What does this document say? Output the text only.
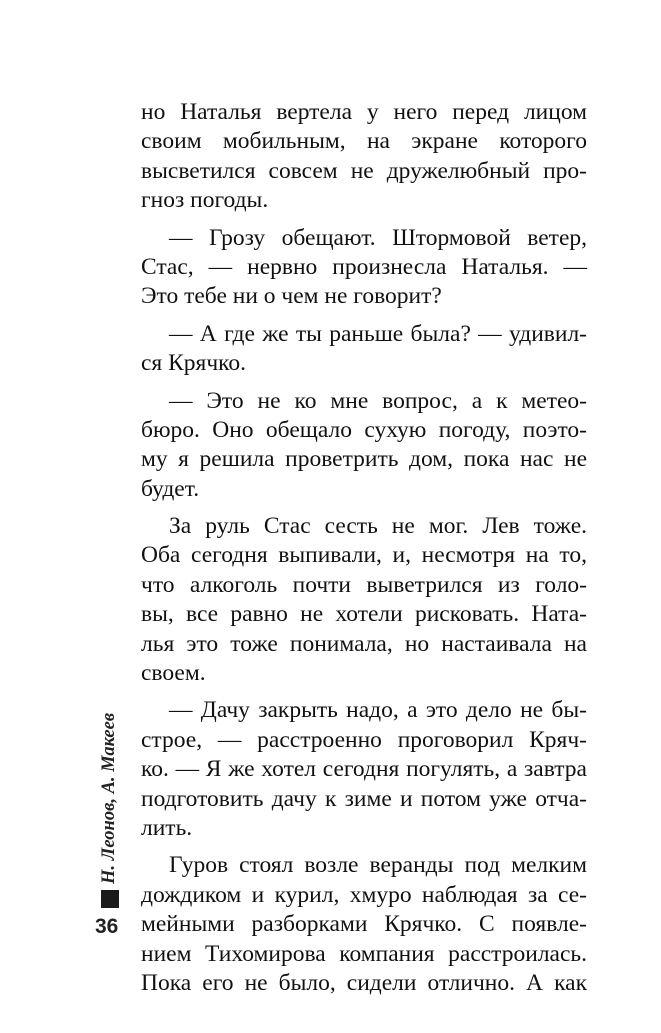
но Наталья вертела у него перед лицом
своим мобильным, на экране которого
высветился совсем не дружелюбный про-
гноз погоды.
— Грозу обещают. Штормовой ветер,
Стас, — нервно произнесла Наталья. —
Это тебе ни о чем не говорит?
— А где же ты раньше была? — удивил-
ся Крячко.
— Это не ко мне вопрос, а к метео-
бюро. Оно обещало сухую погоду, поэто-
му я решила проветрить дом, пока нас не
будет.
За руль Стас сесть не мог. Лев тоже.
Оба сегодня выпивали, и, несмотря на то,
что алкоголь почти выветрился из голо-
вы, все равно не хотели рисковать. Ната-
лья это тоже понимала, но настаивала на
своем.
— Дачу закрыть надо, а это дело не бы-
строе, — расстроенно проговорил Кряч-
ко. — Я же хотел сегодня погулять, а завтра
подготовить дачу к зиме и потом уже отча-
лить.
Гуров стоял возле веранды под мелким
дождиком и курил, хмуро наблюдая за се-
мейными разборками Крячко. С появле-
нием Тихомирова компания расстроилась.
Пока его не было, сидели отлично. А как
Н. Леонов, А. Макеев
36
